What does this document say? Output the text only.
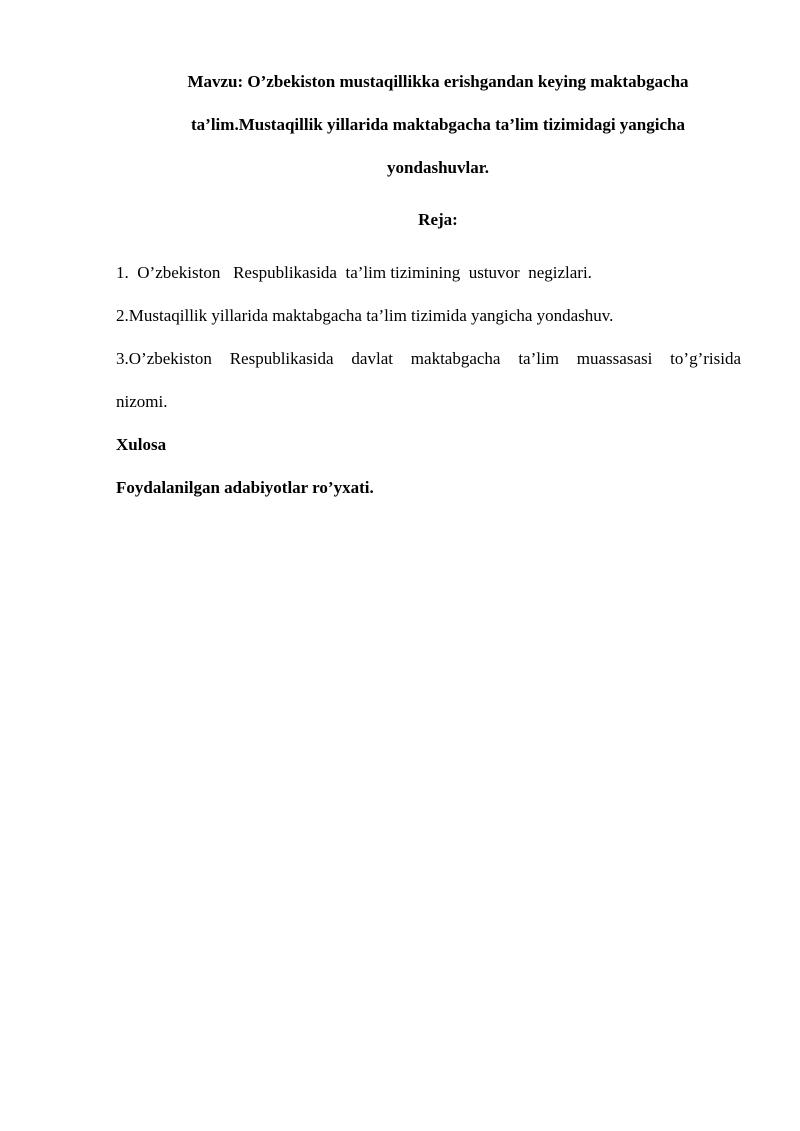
Mavzu: O’zbekiston mustaqillikka erishgandan keying maktabgacha
ta’lim.Mustaqillik yillarida maktabgacha ta’lim tizimidagi yangicha
yondashuvlar.
Reja:
1.  O’zbekiston   Respublikasida  ta’lim tizimining  ustuvor  negizlari.
2.Mustaqillik yillarida maktabgacha ta’lim tizimida yangicha yondashuv.
3.O’zbekiston Respublikasida davlat maktabgacha ta’lim muassasasi to’g’risida
nizomi.
Xulosa
Foydalanilgan adabiyotlar ro’yxati.
